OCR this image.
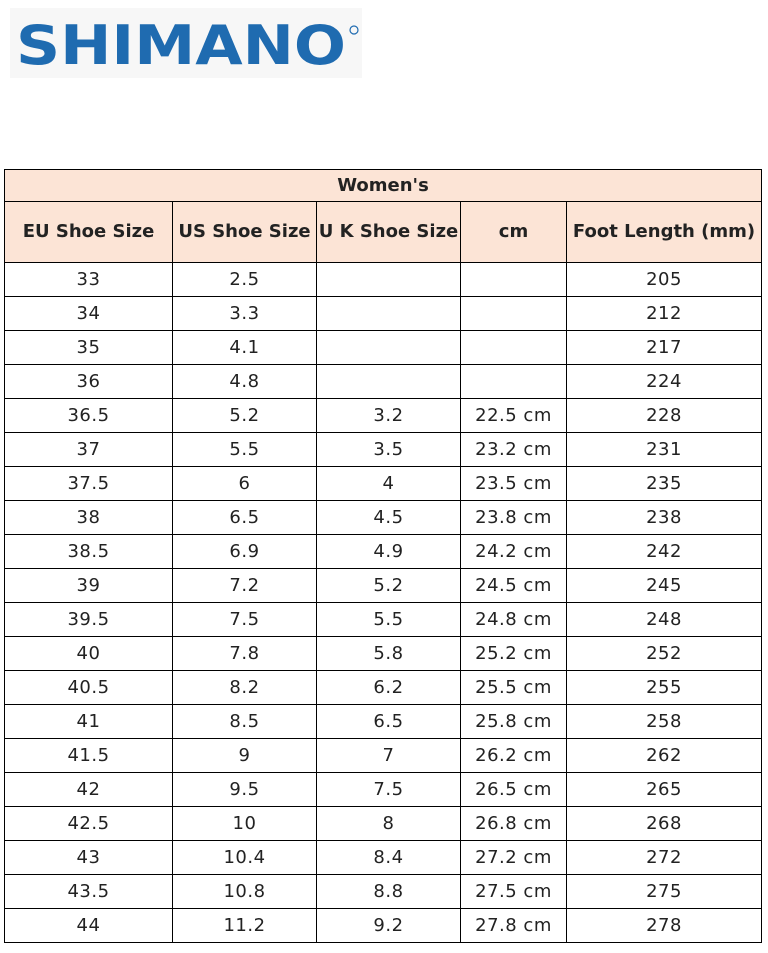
SHIMANO
Women's				
EU Shoe Size	US Shoe Size	U K Shoe Size	cm	Foot Length (mm)
33	2.5			205
34	3.3			212
35	4.1			217
36	4.8			224
36.5	5.2	3.2	22.5 cm	228
37	5.5	3.5	23.2 cm	231
37.5	6	4	23.5 cm	235
38	6.5	4.5	23.8 cm	238
38.5	6.9	4.9	24.2 cm	242
39	7.2	5.2	24.5 cm	245
39.5	7.5	5.5	24.8 cm	248
40	7.8	5.8	25.2 cm	252
40.5	8.2	6.2	25.5 cm	255
41	8.5	6.5	25.8 cm	258
41.5	9	7	26.2 cm	262
42	9.5	7.5	26.5 cm	265
42.5	10	8	26.8 cm	268
43	10.4	8.4	27.2 cm	272
43.5	10.8	8.8	27.5 cm	275
44	11.2	9.2	27.8 cm	278
